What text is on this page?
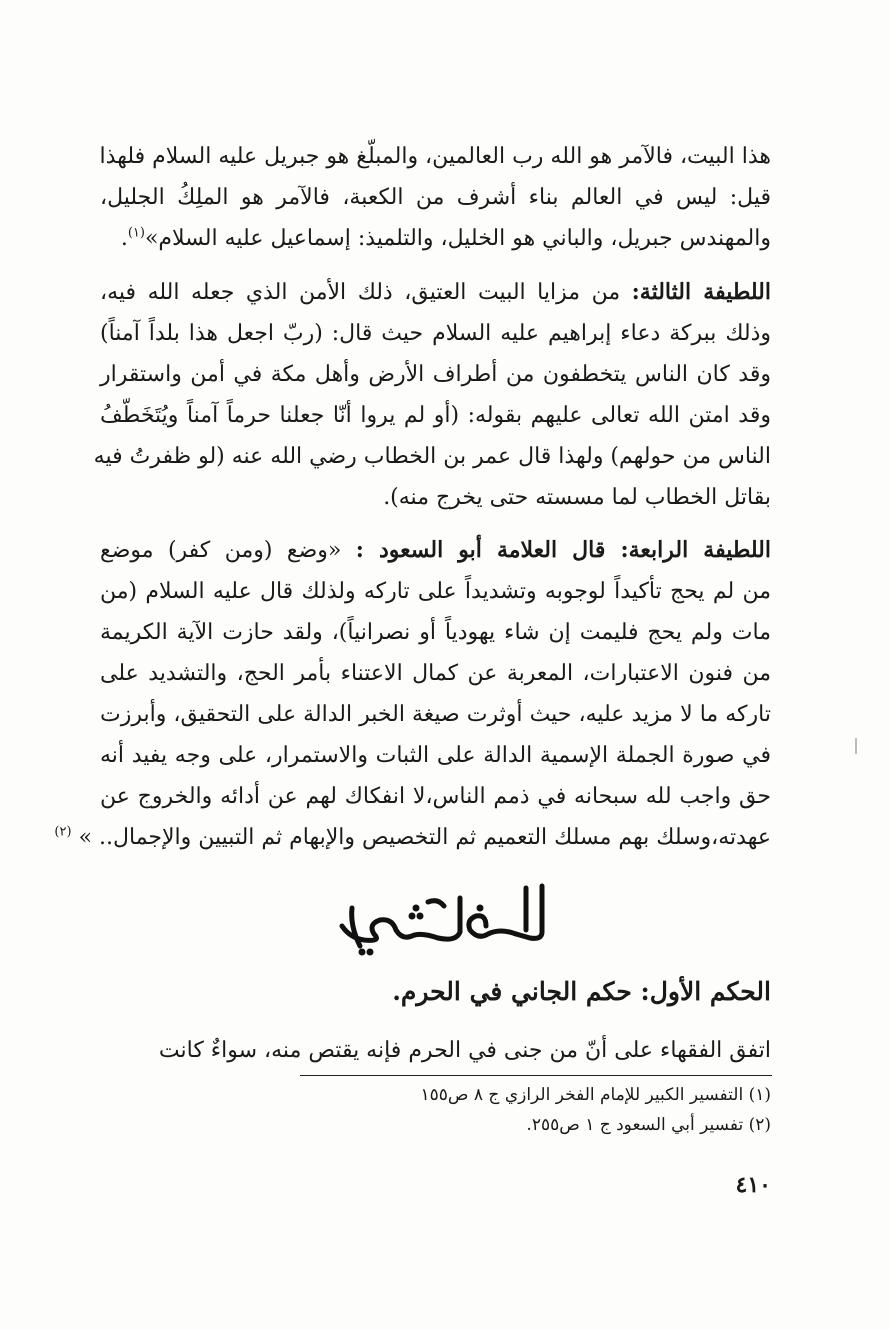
هذا البيت، فالآمر هو الله رب العالمين، والمبلّغ هو جبريل عليه السلام فلهذا
قيل: ليس في العالم بناء أشرف من الكعبة، فالآمر هو الملِكُ الجليل،
والمهندس جبريل، والباني هو الخليل، والتلميذ: إسماعيل عليه السلام»$^{(١)}$.
اللطيفة الثالثة: من مزايا البيت العتيق، ذلك الأمن الذي جعله الله فيه،
وذلك ببركة دعاء إبراهيم عليه السلام حيث قال: (ربّ اجعل هذا بلداً آمناً)
وقد كان الناس يتخطفون من أطراف الأرض وأهل مكة في أمن واستقرار
وقد امتن الله تعالى عليهم بقوله: (أو لم يروا أنّا جعلنا حرماً آمناً ويُتَخَطّفُ
الناس من حولهم) ولهذا قال عمر بن الخطاب رضي الله عنه (لو ظفرتُ فيه
بقاتل الخطاب لما مسسته حتى يخرج منه).
اللطيفة الرابعة: قال العلامة أبو السعود : «وضع (ومن كفر) موضع
من لم يحج تأكيداً لوجوبه وتشديداً على تاركه ولذلك قال عليه السلام (من
مات ولم يحج فليمت إن شاء يهودياً أو نصرانياً)، ولقد حازت الآية الكريمة
من فنون الاعتبارات، المعربة عن كمال الاعتناء بأمر الحج، والتشديد على
تاركه ما لا مزيد عليه، حيث أوثرت صيغة الخبر الدالة على التحقيق، وأبرزت
في صورة الجملة الإسمية الدالة على الثبات والاستمرار، على وجه يفيد أنه
حق واجب لله سبحانه في ذمم الناس،لا انفكاك لهم عن أدائه والخروج عن
عهدته،وسلك بهم مسلك التعميم ثم التخصيص والإبهام ثم التبيين والإجمال.. » $^{(٢)}$
الحكم الأول: حكم الجاني في الحرم.
اتفق الفقهاء على أنّ من جنى في الحرم فإنه يقتص منه، سواءٌ كانت
(١) التفسير الكبير للإمام الفخر الرازي ج ٨ ص١٥٥
(٢) تفسير أبي السعود ج ١ ص٢٥٥.
٤١٠
